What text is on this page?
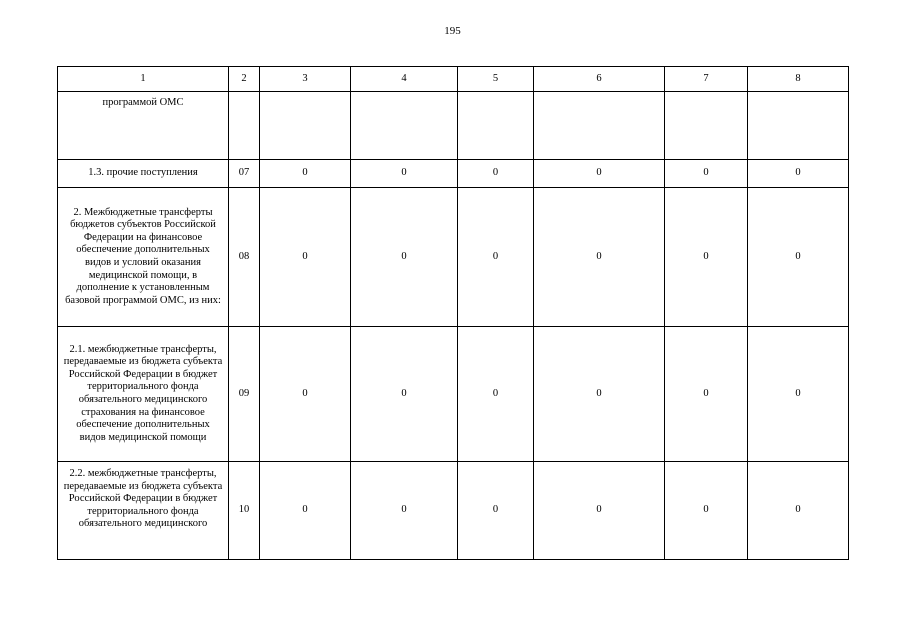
195
1	2	3	4	5	6	7	8
программой ОМС							
1.3. прочие поступления	07	0	0	0	0	0	0
2. Межбюджетные трансферты бюджетов субъектов Российской Федерации на финансовое обеспечение дополнительных видов и условий оказания медицинской помощи, в дополнение к установленным базовой программой ОМС, из них:	08	0	0	0	0	0	0
2.1. межбюджетные трансферты, передаваемые из бюджета субъекта Российской Федерации в бюджет территориального фонда обязательного медицинского страхования на финансовое обеспечение дополнительных видов медицинской помощи	09	0	0	0	0	0	0
2.2. межбюджетные трансферты, передаваемые из бюджета субъекта Российской Федерации в бюджет территориального фонда обязательного медицинского	10	0	0	0	0	0	0
